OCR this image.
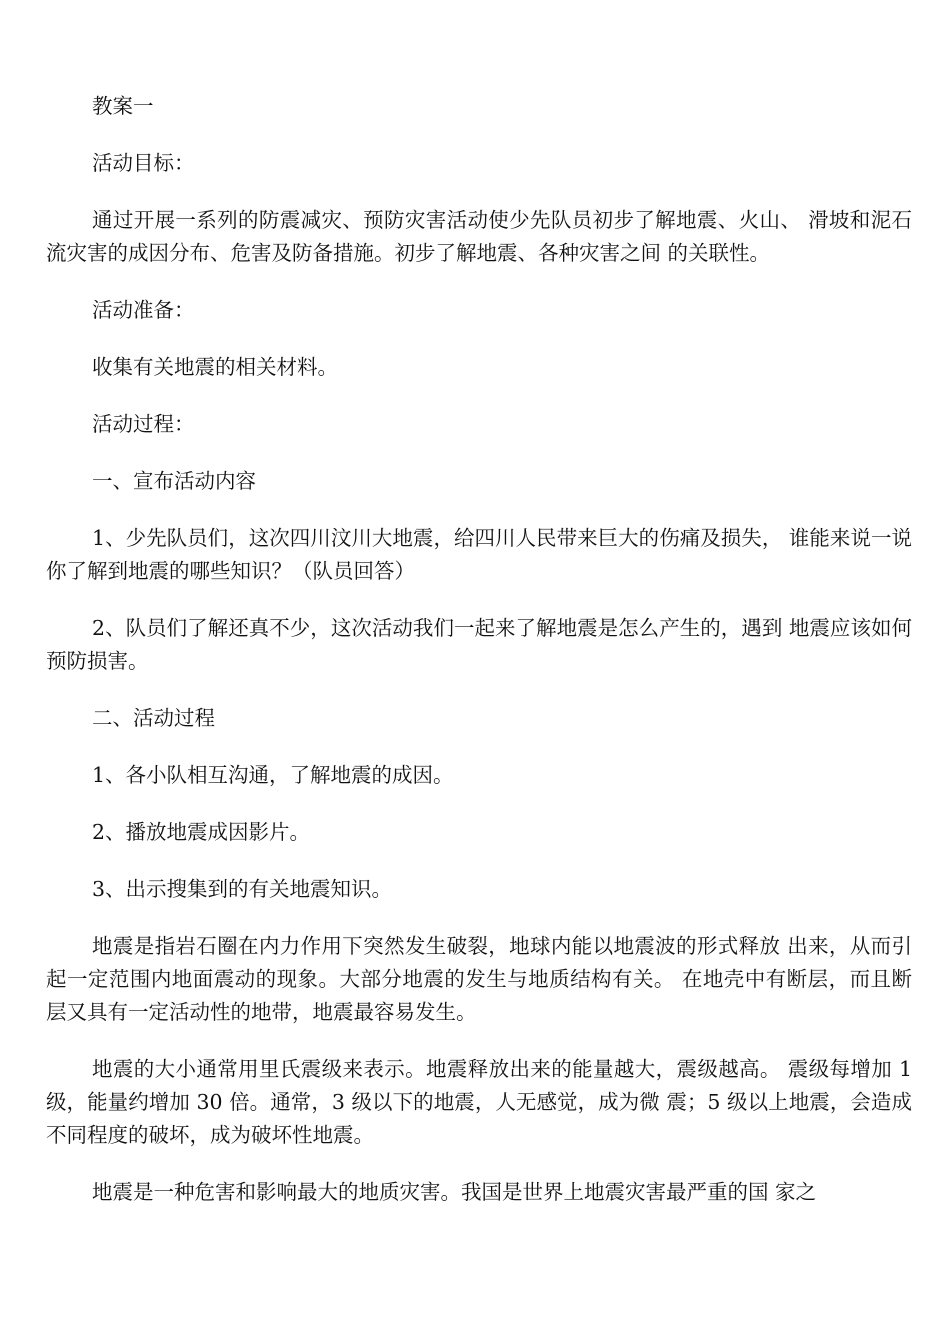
教案一

活动目标：

通过开展一系列的防震减灾、预防灾害活动使少先队员初步了解地震、火山、 滑坡和泥石流灾害的成因分布、危害及防备措施。初步了解地震、各种灾害之间 的关联性。

活动准备：

收集有关地震的相关材料。

活动过程：

一、宣布活动内容

1、少先队员们，这次四川汶川大地震，给四川人民带来巨大的伤痛及损失， 谁能来说一说你了解到地震的哪些知识？（队员回答）

2、队员们了解还真不少，这次活动我们一起来了解地震是怎么产生的，遇到 地震应该如何预防损害。

二、活动过程

1、各小队相互沟通，了解地震的成因。

2、播放地震成因影片。

3、出示搜集到的有关地震知识。

地震是指岩石圈在内力作用下突然发生破裂，地球内能以地震波的形式释放 出来，从而引起一定范围内地面震动的现象。大部分地震的发生与地质结构有关。 在地壳中有断层，而且断层又具有一定活动性的地带，地震最容易发生。

地震的大小通常用里氏震级来表示。地震释放出来的能量越大，震级越高。 震级每增加 1 级，能量约增加 30 倍。通常，3 级以下的地震，人无感觉，成为微 震；5 级以上地震，会造成不同程度的破坏，成为破坏性地震。

地震是一种危害和影响最大的地质灾害。我国是世界上地震灾害最严重的国 家之
